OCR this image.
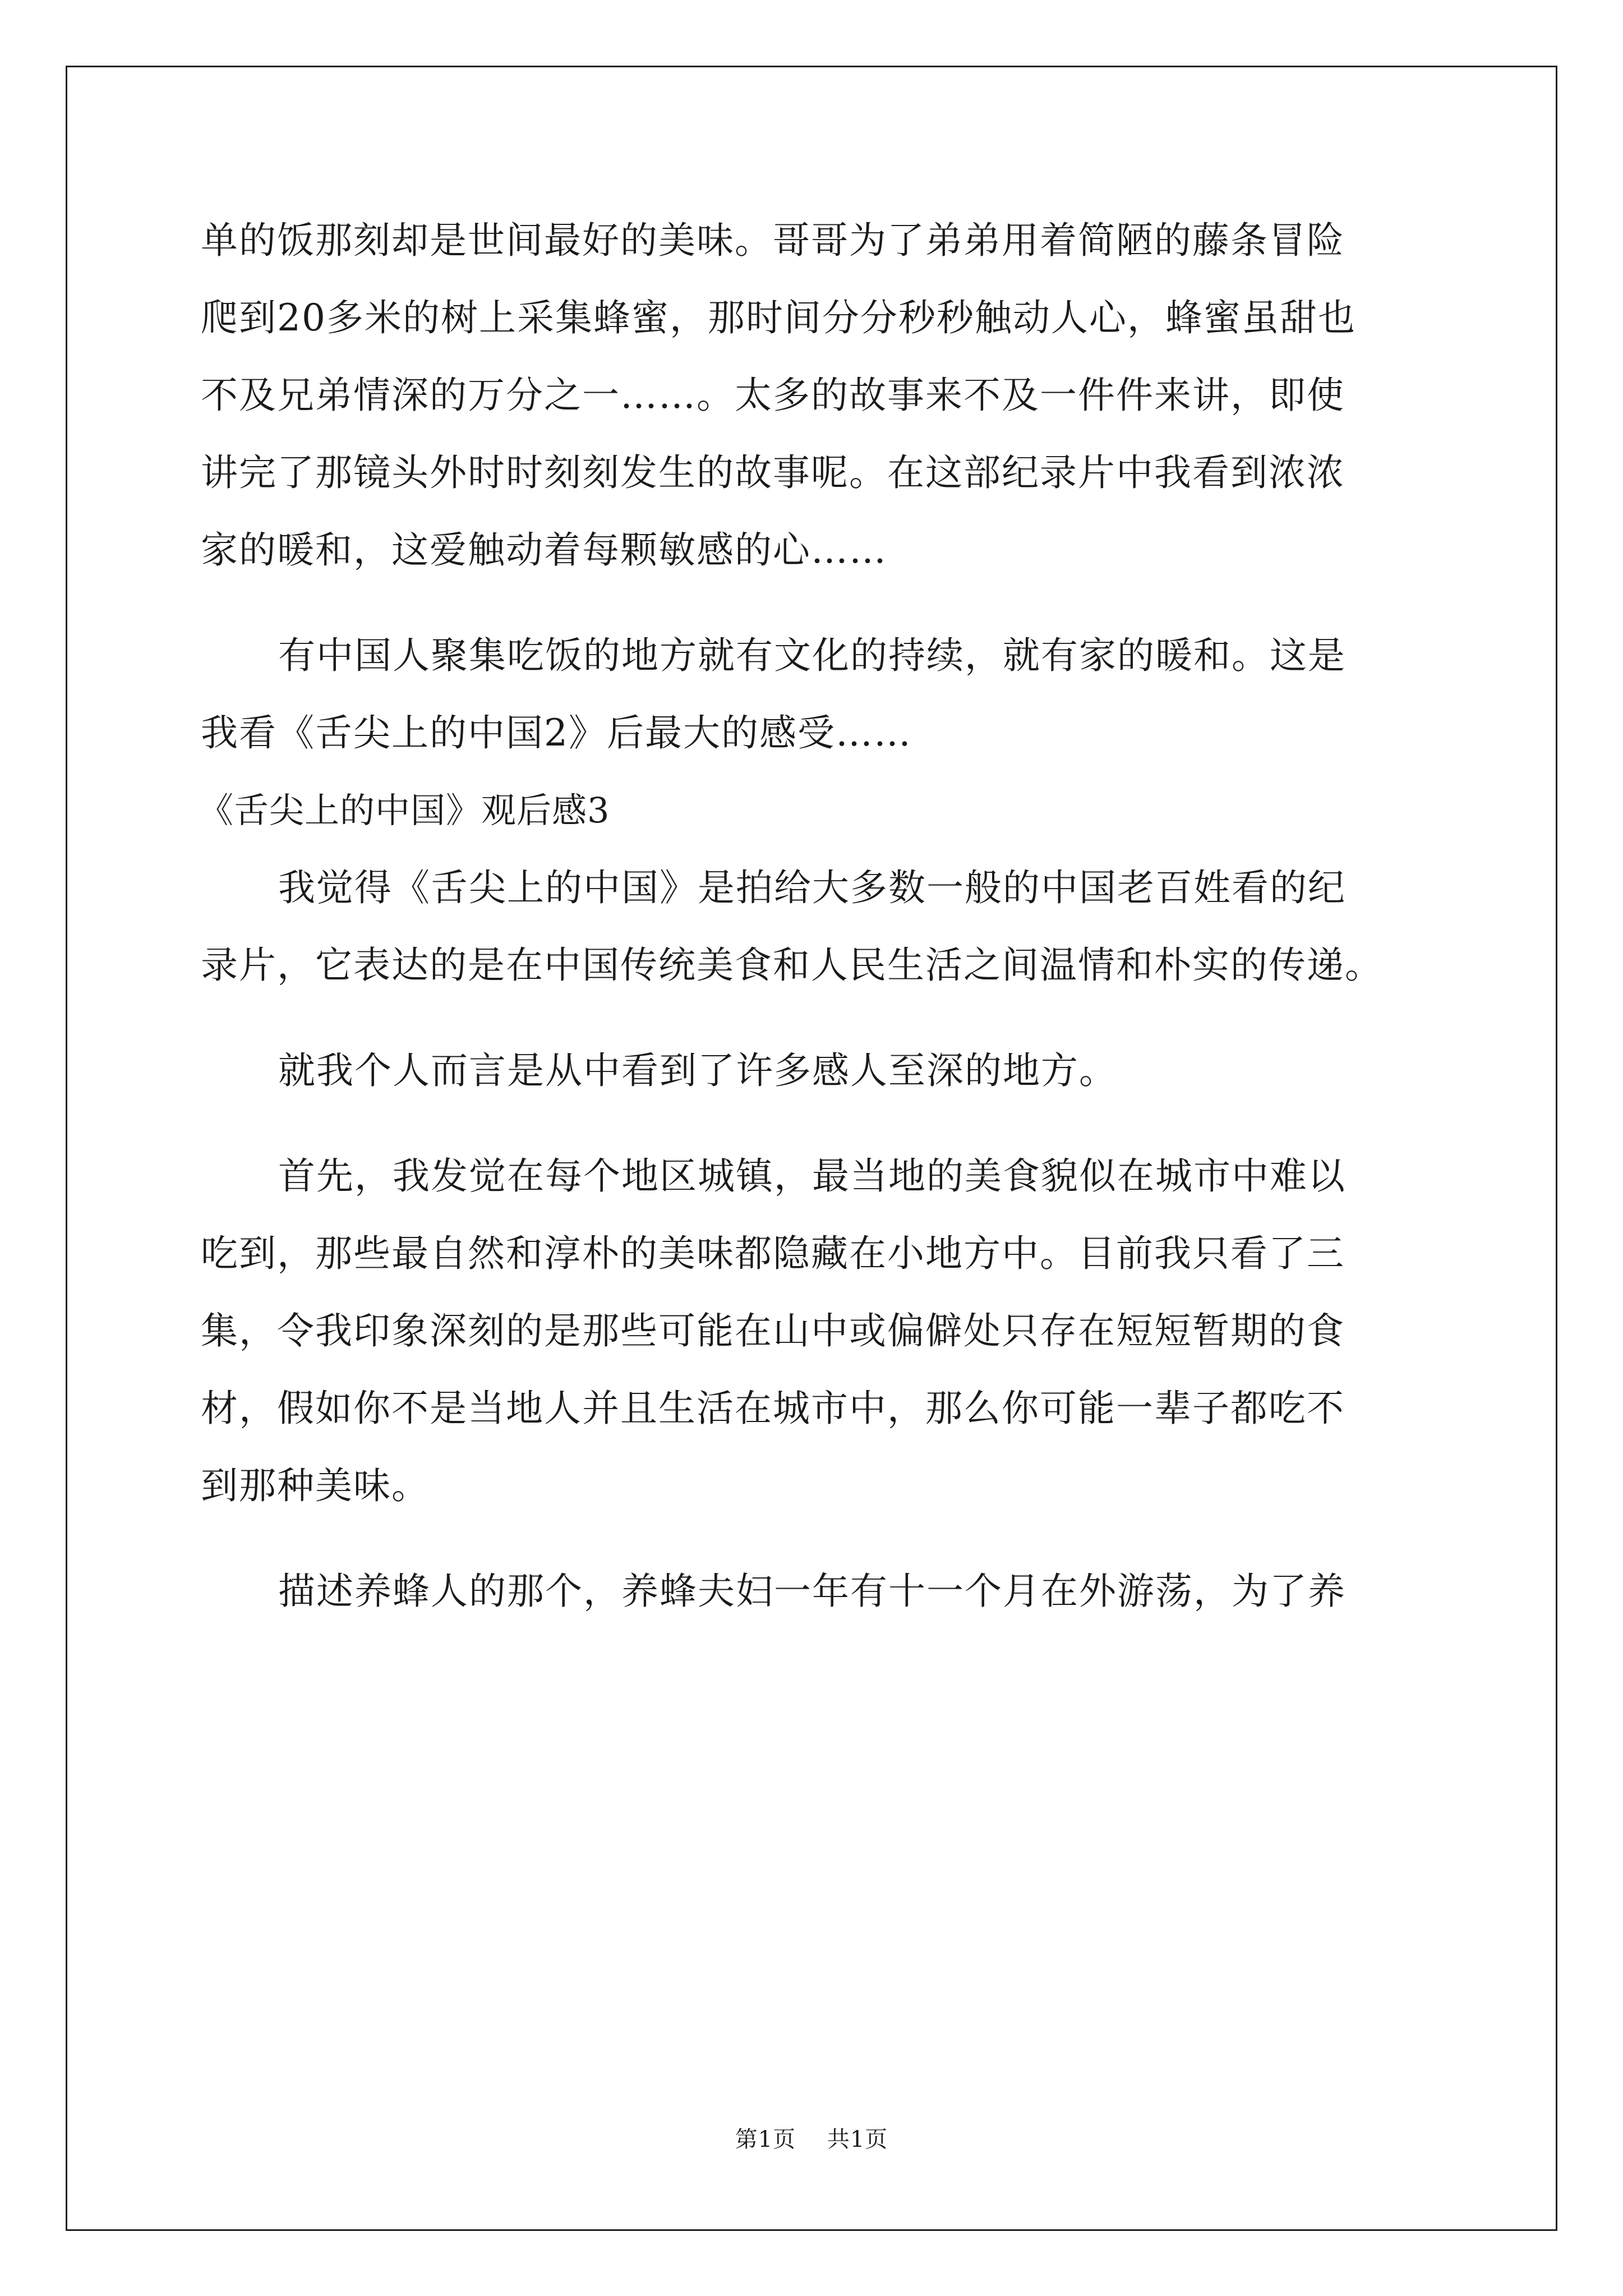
单的饭那刻却是世间最好的美味。哥哥为了弟弟用着简陋的藤条冒险
爬到20多米的树上采集蜂蜜，那时间分分秒秒触动人心，蜂蜜虽甜也
不及兄弟情深的万分之一……。太多的故事来不及一件件来讲，即使
讲完了那镜头外时时刻刻发生的故事呢。在这部纪录片中我看到浓浓
家的暖和，这爱触动着每颗敏感的心……
有中国人聚集吃饭的地方就有文化的持续，就有家的暖和。这是
我看《舌尖上的中国2》后最大的感受……
《舌尖上的中国》观后感3
我觉得《舌尖上的中国》是拍给大多数一般的中国老百姓看的纪
录片，它表达的是在中国传统美食和人民生活之间温情和朴实的传递。
就我个人而言是从中看到了许多感人至深的地方。
首先，我发觉在每个地区城镇，最当地的美食貌似在城市中难以
吃到，那些最自然和淳朴的美味都隐藏在小地方中。目前我只看了三
集，令我印象深刻的是那些可能在山中或偏僻处只存在短短暂期的食
材，假如你不是当地人并且生活在城市中，那么你可能一辈子都吃不
到那种美味。
描述养蜂人的那个，养蜂夫妇一年有十一个月在外游荡，为了养
第1页 共1页
